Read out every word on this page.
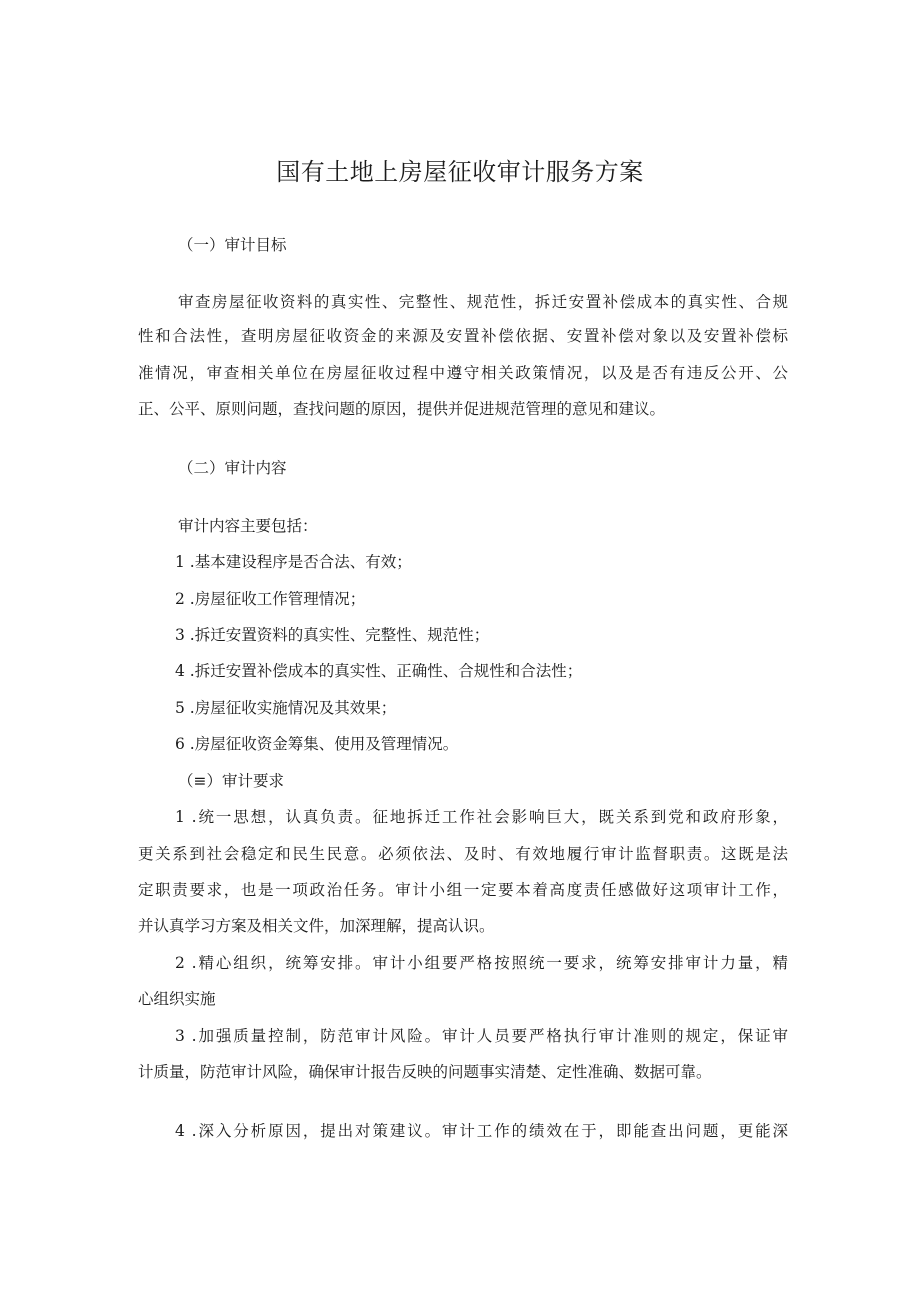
国有土地上房屋征收审计服务方案

（一）审计目标

审查房屋征收资料的真实性、完整性、规范性，拆迁安置补偿成本的真实性、合规

性和合法性，查明房屋征收资金的来源及安置补偿依据、安置补偿对象以及安置补偿标

准情况，审查相关单位在房屋征收过程中遵守相关政策情况，以及是否有违反公开、公

正、公平、原则问题，查找问题的原因，提供并促进规范管理的意见和建议。

（二）审计内容

审计内容主要包括：

1 .基本建设程序是否合法、有效；

2 .房屋征收工作管理情况；

3 .拆迁安置资料的真实性、完整性、规范性；

4 .拆迁安置补偿成本的真实性、正确性、合规性和合法性；

5 .房屋征收实施情况及其效果；

6 .房屋征收资金筹集、使用及管理情况。

（≡）审计要求

1 .统一思想，认真负责。征地拆迁工作社会影响巨大，既关系到党和政府形象，

更关系到社会稳定和民生民意。必须依法、及时、有效地履行审计监督职责。这既是法

定职责要求，也是一项政治任务。审计小组一定要本着高度责任感做好这项审计工作，

并认真学习方案及相关文件，加深理解，提高认识。

2 .精心组织，统筹安排。审计小组要严格按照统一要求，统筹安排审计力量，精

心组织实施

3 .加强质量控制，防范审计风险。审计人员要严格执行审计准则的规定，保证审

计质量，防范审计风险，确保审计报告反映的问题事实清楚、定性准确、数据可靠。

4 .深入分析原因，提出对策建议。审计工作的绩效在于，即能查出问题，更能深
